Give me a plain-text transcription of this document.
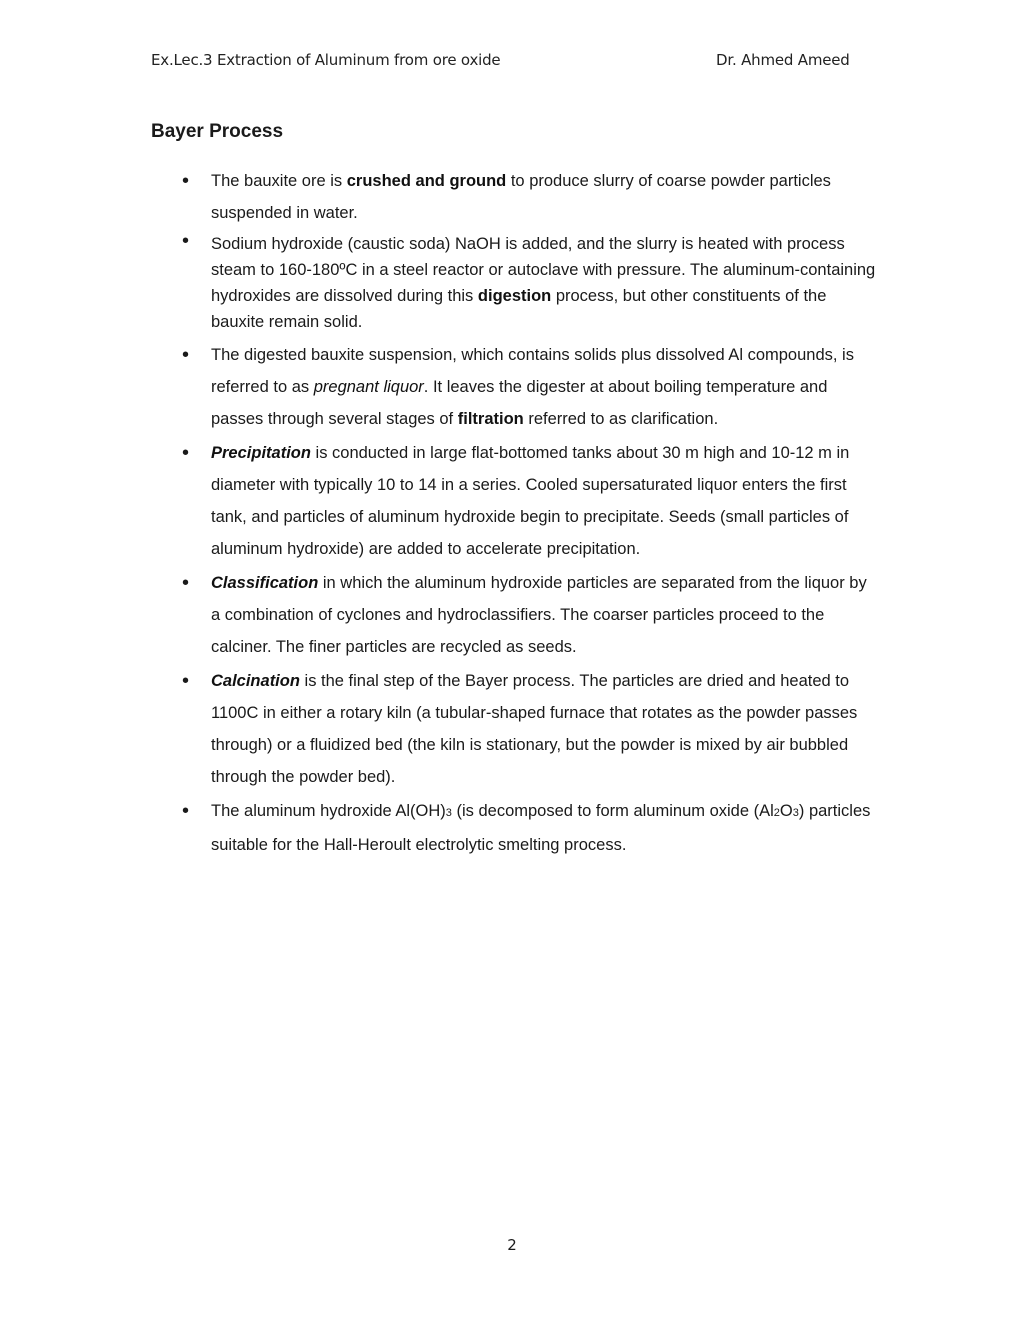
Ex.Lec.3 Extraction of Aluminum from ore oxide	Dr. Ahmed Ameed
Bayer Process
• The bauxite ore is crushed and ground to produce slurry of coarse powder particles suspended in water.
• Sodium hydroxide (caustic soda) NaOH is added, and the slurry is heated with process steam to 160-180ºC in a steel reactor or autoclave with pressure. The aluminum-containing hydroxides are dissolved during this digestion process, but other constituents of the bauxite remain solid.
• The digested bauxite suspension, which contains solids plus dissolved Al compounds, is referred to as pregnant liquor. It leaves the digester at about boiling temperature and passes through several stages of filtration referred to as clarification.
• Precipitation is conducted in large flat-bottomed tanks about 30 m high and 10-12 m in diameter with typically 10 to 14 in a series. Cooled supersaturated liquor enters the first tank, and particles of aluminum hydroxide begin to precipitate. Seeds (small particles of aluminum hydroxide) are added to accelerate precipitation.
• Classification in which the aluminum hydroxide particles are separated from the liquor by a combination of cyclones and hydroclassifiers. The coarser particles proceed to the calciner. The finer particles are recycled as seeds.
• Calcination is the final step of the Bayer process. The particles are dried and heated to 1100C in either a rotary kiln (a tubular-shaped furnace that rotates as the powder passes through) or a fluidized bed (the kiln is stationary, but the powder is mixed by air bubbled through the powder bed).
• The aluminum hydroxide Al(OH)3 (is decomposed to form aluminum oxide (Al2O3) particles suitable for the Hall-Heroult electrolytic smelting process.
2
